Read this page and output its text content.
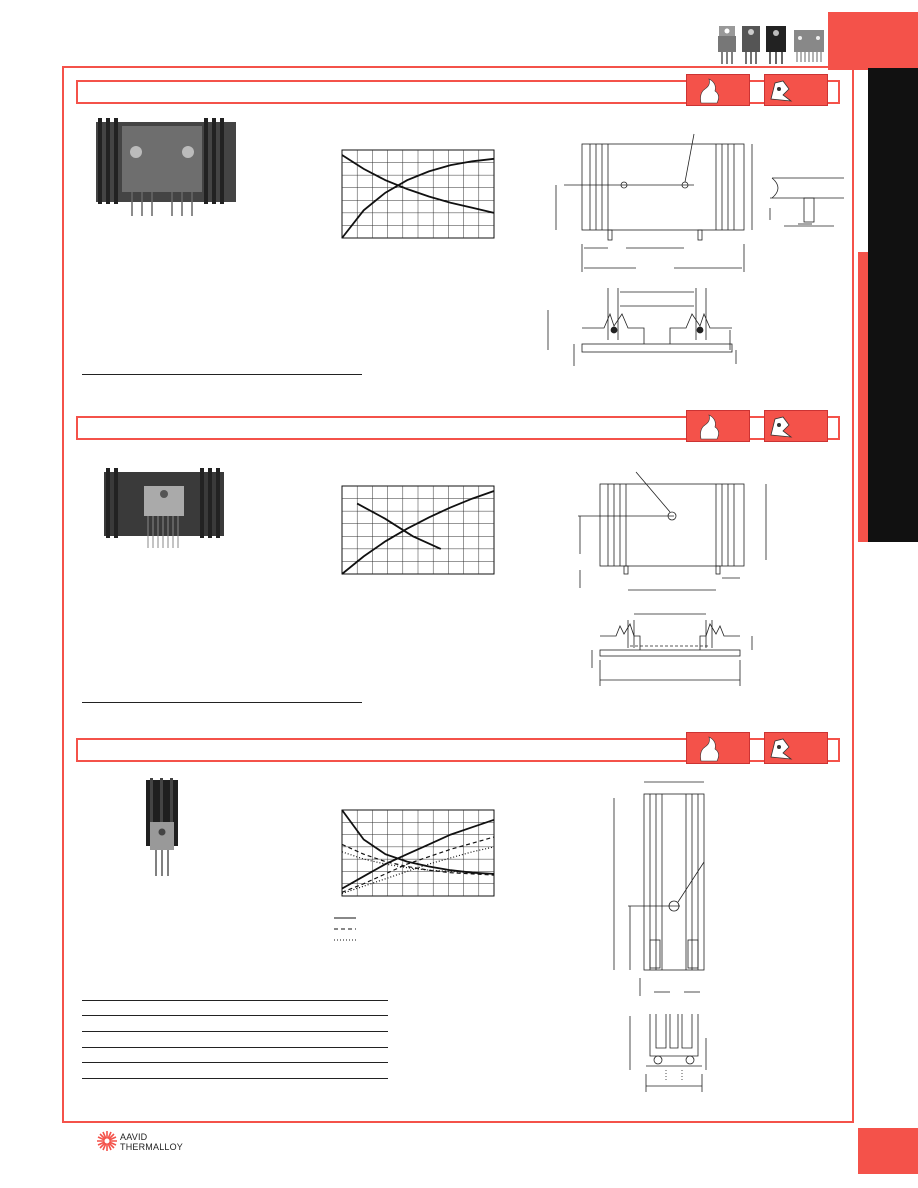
AAVID
THERMALLOY
